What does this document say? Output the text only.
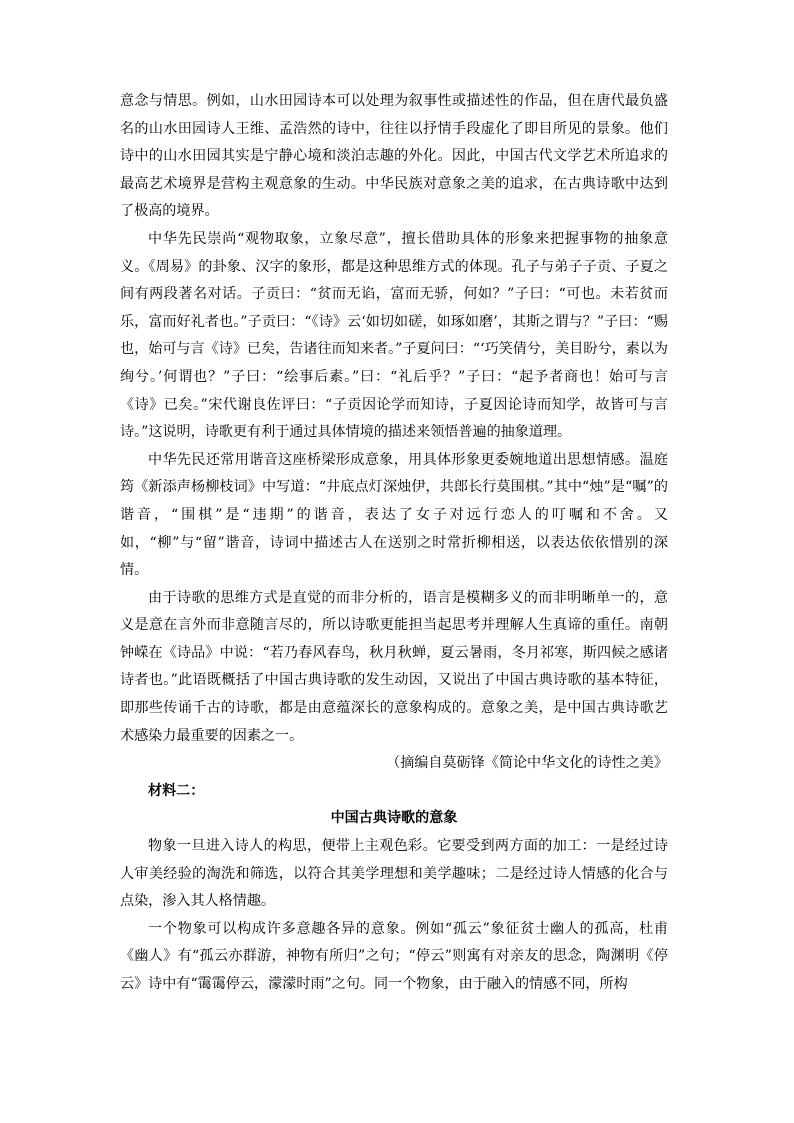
意念与情思。例如，山水田园诗本可以处理为叙事性或描述性的作品，但在唐代最负盛名的山水田园诗人王维、孟浩然的诗中，往往以抒情手段虚化了即目所见的景象。他们诗中的山水田园其实是宁静心境和淡泊志趣的外化。因此，中国古代文学艺术所追求的最高艺术境界是营构主观意象的生动。中华民族对意象之美的追求，在古典诗歌中达到了极高的境界。

中华先民崇尚“观物取象，立象尽意”，擅长借助具体的形象来把握事物的抽象意义。《周易》的卦象、汉字的象形，都是这种思维方式的体现。孔子与弟子子贡、子夏之间有两段著名对话。子贡曰：“贫而无谄，富而无骄，何如？”子曰：“可也。未若贫而乐，富而好礼者也。”子贡曰：“《诗》云‘如切如磋，如琢如磨’，其斯之谓与？”子曰：“赐也，始可与言《诗》已矣，告诸往而知来者。”子夏问曰：“‘巧笑倩兮，美目盼兮，素以为绚兮。’何谓也？”子曰：“绘事后素。”曰：“礼后乎？”子曰：“起予者商也！始可与言《诗》已矣。”宋代谢良佐评曰：“子贡因论学而知诗，子夏因论诗而知学，故皆可与言诗。”这说明，诗歌更有利于通过具体情境的描述来领悟普遍的抽象道理。

中华先民还常用谐音这座桥梁形成意象，用具体形象更委婉地道出思想情感。温庭筠《新添声杨柳枝词》中写道：“井底点灯深烛伊，共郎长行莫围棋。”其中“烛”是“嘱”的谐音，“围棋”是“违期”的谐音，表达了女子对远行恋人的叮嘱和不舍。又如，“柳”与“留”谐音，诗词中描述古人在送别之时常折柳相送，以表达依依惜别的深情。

由于诗歌的思维方式是直觉的而非分析的，语言是模糊多义的而非明晰单一的，意义是意在言外而非意随言尽的，所以诗歌更能担当起思考并理解人生真谛的重任。南朝钟嵘在《诗品》中说：“若乃春风春鸟，秋月秋蝉，夏云暑雨，冬月祁寒，斯四候之感诸诗者也。”此语既概括了中国古典诗歌的发生动因，又说出了中国古典诗歌的基本特征，即那些传诵千古的诗歌，都是由意蕴深长的意象构成的。意象之美，是中国古典诗歌艺术感染力最重要的因素之一。

（摘编自莫砺锋《简论中华文化的诗性之美》

材料二：

中国古典诗歌的意象

物象一旦进入诗人的构思，便带上主观色彩。它要受到两方面的加工：一是经过诗人审美经验的淘洗和筛选，以符合其美学理想和美学趣味；二是经过诗人情感的化合与点染，渗入其人格情趣。

一个物象可以构成许多意趣各异的意象。例如“孤云”象征贫士幽人的孤高，杜甫《幽人》有“孤云亦群游，神物有所归”之句；“停云”则寓有对亲友的思念，陶渊明《停云》诗中有“霭霭停云，濛濛时雨”之句。同一个物象，由于融入的情感不同，所构
